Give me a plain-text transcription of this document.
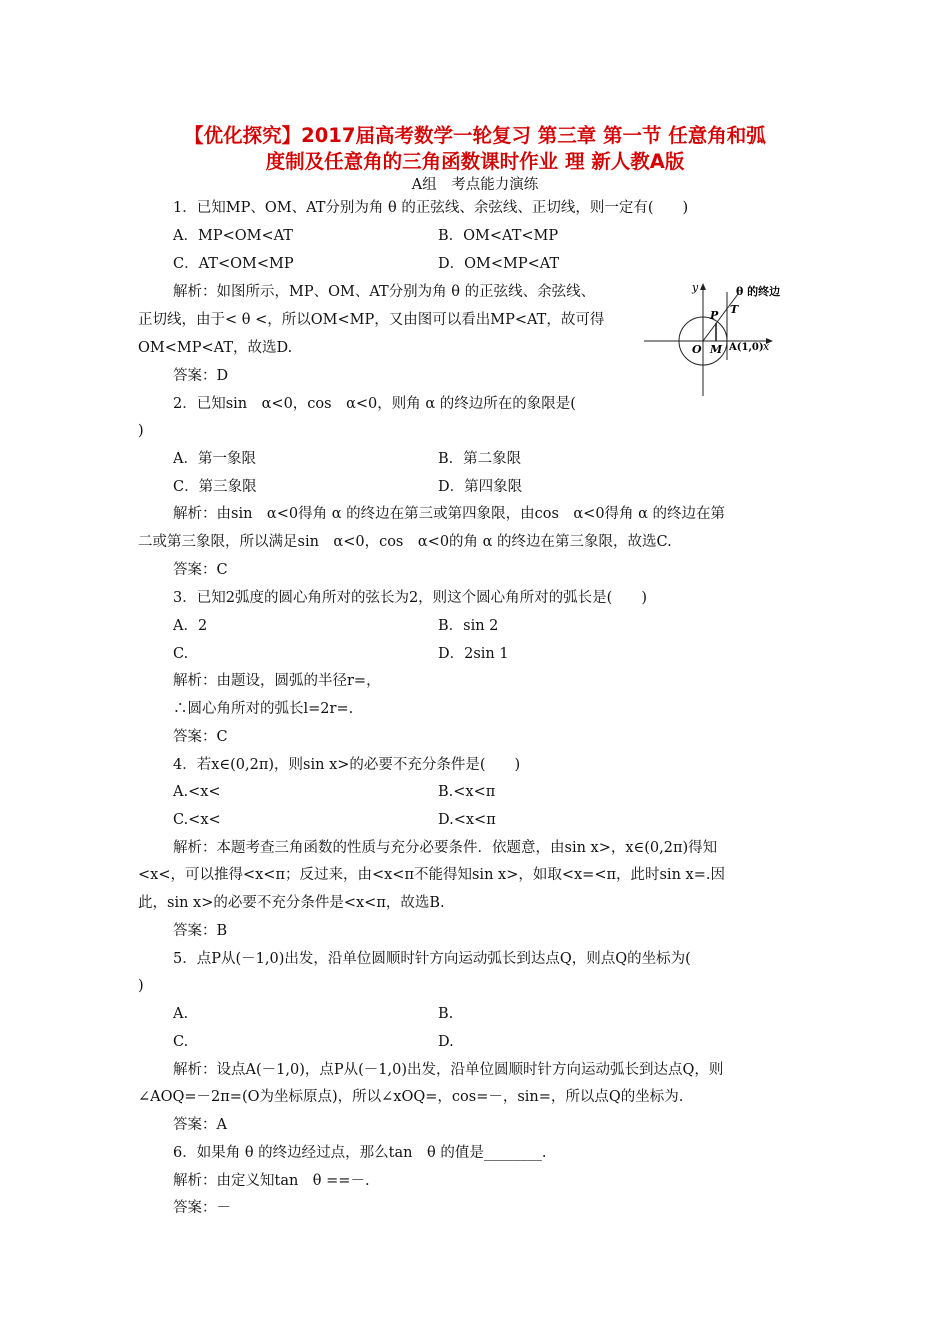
【优化探究】2017届高考数学一轮复习 第三章 第一节 任意角和弧
度制及任意角的三角函数课时作业 理 新人教A版
A组　考点能力演练
1．已知MP、OM、AT分别为角 θ 的正弦线、余弦线、正切线，则一定有(　　)
A．MP<OM<AT	B．OM<AT<MP
C．AT<OM<MP	D．OM<MP<AT
解析：如图所示，MP、OM、AT分别为角 θ 的正弦线、余弦线、
正切线，由于< θ <，所以OM<MP，又由图可以看出MP<AT，故可得
OM<MP<AT，故选D.
答案：D
y
x
O M
P T
A(1,0)
θ 的终边
2．已知sin　α<0，cos　α<0，则角 α 的终边所在的象限是(
)
A．第一象限	B．第二象限
C．第三象限	D．第四象限
解析：由sin　α<0得角 α 的终边在第三或第四象限，由cos　α<0得角 α 的终边在第
二或第三象限，所以满足sin　α<0，cos　α<0的角 α 的终边在第三象限，故选C.
答案：C
3．已知2弧度的圆心角所对的弦长为2，则这个圆心角所对的弧长是(　　)
A．2	B．sin 2
C.	D．2sin 1
解析：由题设，圆弧的半径r=，
∴圆心角所对的弧长l=2r=.
答案：C
4．若x∈(0,2π)，则sin x>的必要不充分条件是(　　)
A.<x<	B.<x<π
C.<x<	D.<x<π
解析：本题考查三角函数的性质与充分必要条件．依题意，由sin x>，x∈(0,2π)得知
<x<，可以推得<x<π；反过来，由<x<π不能得知sin x>，如取<x=<π，此时sin x=.因
此，sin x>的必要不充分条件是<x<π，故选B.
答案：B
5．点P从(－1,0)出发，沿单位圆顺时针方向运动弧长到达点Q，则点Q的坐标为(
)
A.	B.
C.	D.
解析：设点A(－1,0)，点P从(－1,0)出发，沿单位圆顺时针方向运动弧长到达点Q，则
∠AOQ=－2π=(O为坐标原点)，所以∠xOQ=，cos=－，sin=，所以点Q的坐标为.
答案：A
6．如果角 θ 的终边经过点，那么tan　θ 的值是________.
解析：由定义知tan　θ ==－.
答案：－
